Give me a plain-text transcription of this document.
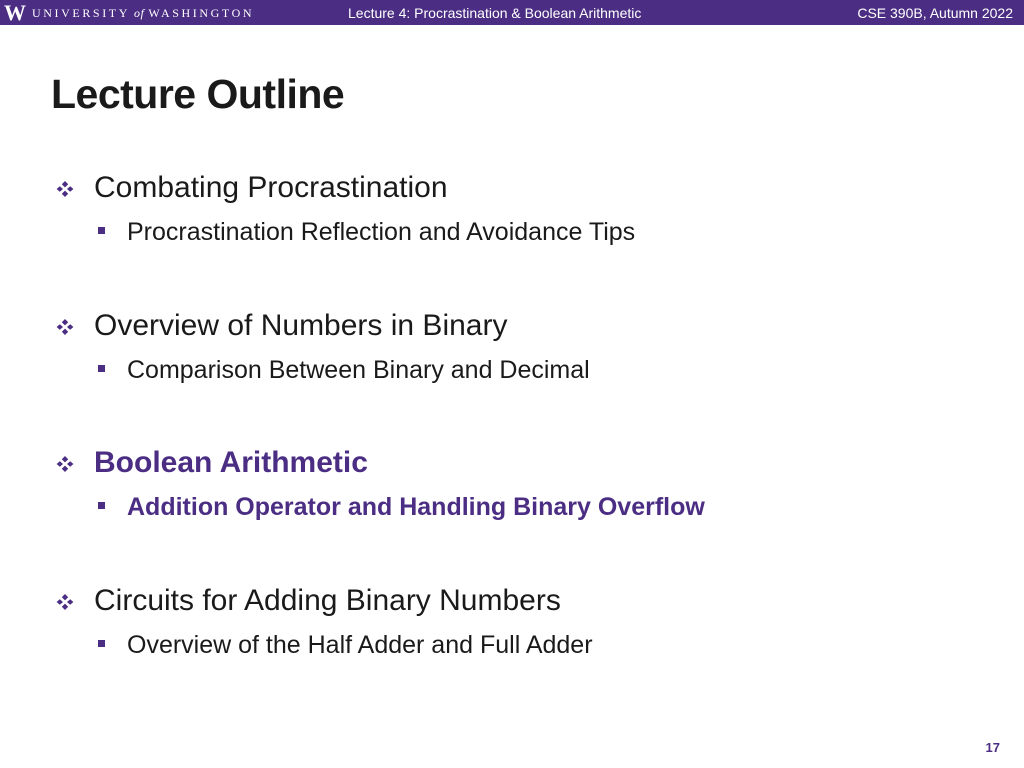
W UNIVERSITY of WASHINGTON	Lecture 4: Procrastination & Boolean Arithmetic	CSE 390B, Autumn 2022
Lecture Outline
Combating Procrastination
Procrastination Reflection and Avoidance Tips
Overview of Numbers in Binary
Comparison Between Binary and Decimal
Boolean Arithmetic
Addition Operator and Handling Binary Overflow
Circuits for Adding Binary Numbers
Overview of the Half Adder and Full Adder
17
